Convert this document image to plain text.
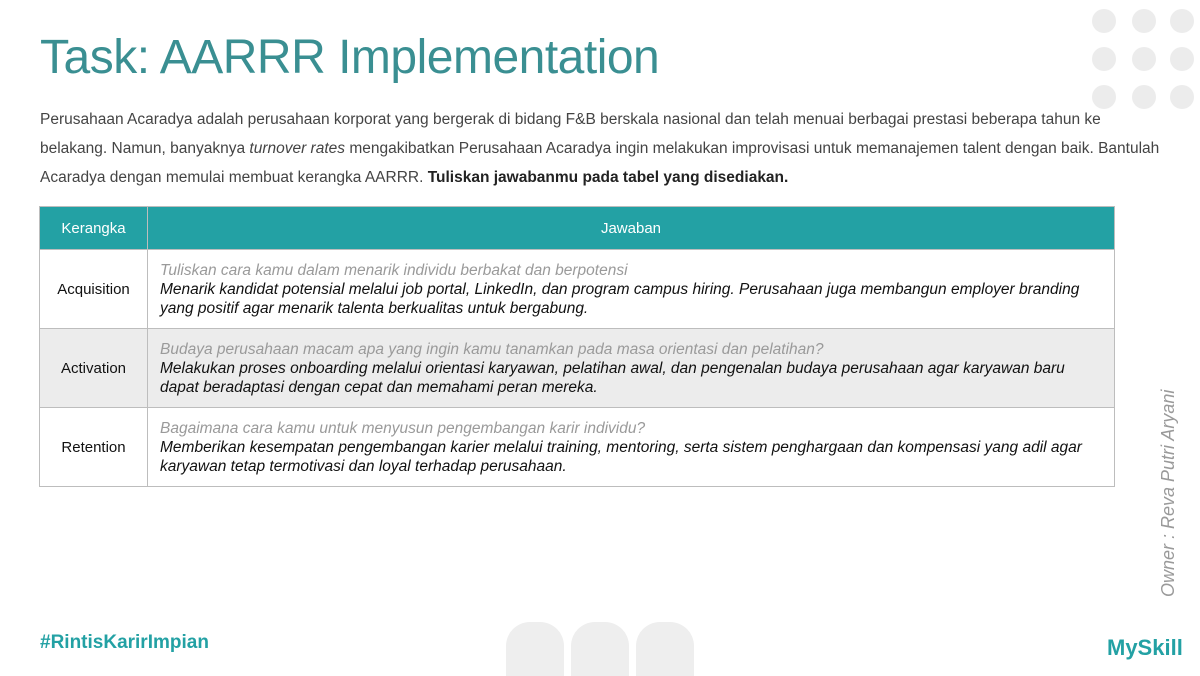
Task: AARRR Implementation

Perusahaan Acaradya adalah perusahaan korporat yang bergerak di bidang F&B berskala nasional dan telah menuai berbagai prestasi beberapa tahun ke belakang. Namun, banyaknya turnover rates mengakibatkan Perusahaan Acaradya ingin melakukan improvisasi untuk memanajemen talent dengan baik. Bantulah Acaradya dengan memulai membuat kerangka AARRR. Tuliskan jawabanmu pada tabel yang disediakan.

Kerangka	Jawaban
Acquisition	Tuliskan cara kamu dalam menarik individu berbakat dan berpotensi
Menarik kandidat potensial melalui job portal, LinkedIn, dan program campus hiring. Perusahaan juga membangun employer branding yang positif agar menarik talenta berkualitas untuk bergabung.

Activation	Budaya perusahaan macam apa yang ingin kamu tanamkan pada masa orientasi dan pelatihan?
Melakukan proses onboarding melalui orientasi karyawan, pelatihan awal, dan pengenalan budaya perusahaan agar karyawan baru dapat beradaptasi dengan cepat dan memahami peran mereka.

Retention	Bagaimana cara kamu untuk menyusun pengembangan karir individu?
Memberikan kesempatan pengembangan karier melalui training, mentoring, serta sistem penghargaan dan kompensasi yang adil agar karyawan tetap termotivasi dan loyal terhadap perusahaan.	Owner : Reva Putri Aryani
#RintisKarirImpian	MySkill
